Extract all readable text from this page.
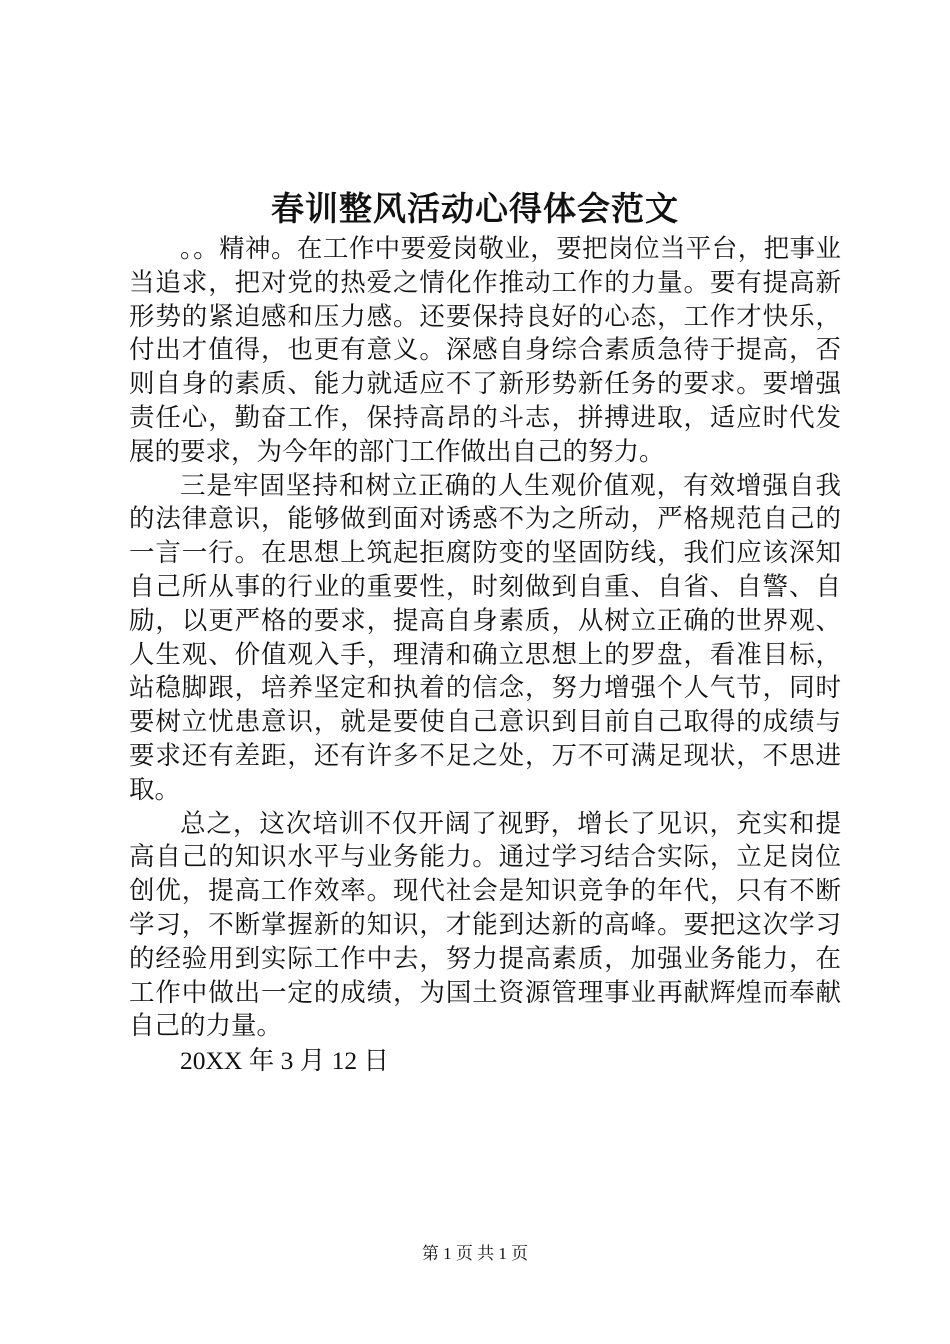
春训整风活动心得体会范文

。。精神。在工作中要爱岗敬业，要把岗位当平台，把事业当追求，把对党的热爱之情化作推动工作的力量。要有提高新形势的紧迫感和压力感。还要保持良好的心态，工作才快乐，付出才值得，也更有意义。深感自身综合素质急待于提高，否则自身的素质、能力就适应不了新形势新任务的要求。要增强责任心，勤奋工作，保持高昂的斗志，拼搏进取，适应时代发展的要求，为今年的部门工作做出自己的努力。

三是牢固坚持和树立正确的人生观价值观，有效增强自我的法律意识，能够做到面对诱惑不为之所动，严格规范自己的一言一行。在思想上筑起拒腐防变的坚固防线，我们应该深知自己所从事的行业的重要性，时刻做到自重、自省、自警、自励，以更严格的要求，提高自身素质，从树立正确的世界观、人生观、价值观入手，理清和确立思想上的罗盘，看准目标，站稳脚跟，培养坚定和执着的信念，努力增强个人气节，同时要树立忧患意识，就是要使自己意识到目前自己取得的成绩与要求还有差距，还有许多不足之处，万不可满足现状，不思进取。

总之，这次培训不仅开阔了视野，增长了见识，充实和提高自己的知识水平与业务能力。通过学习结合实际，立足岗位创优，提高工作效率。现代社会是知识竞争的年代，只有不断学习，不断掌握新的知识，才能到达新的高峰。要把这次学习的经验用到实际工作中去，努力提高素质，加强业务能力，在工作中做出一定的成绩，为国土资源管理事业再献辉煌而奉献自己的力量。

20XX 年 3 月 12 日

第 1 页 共 1 页
